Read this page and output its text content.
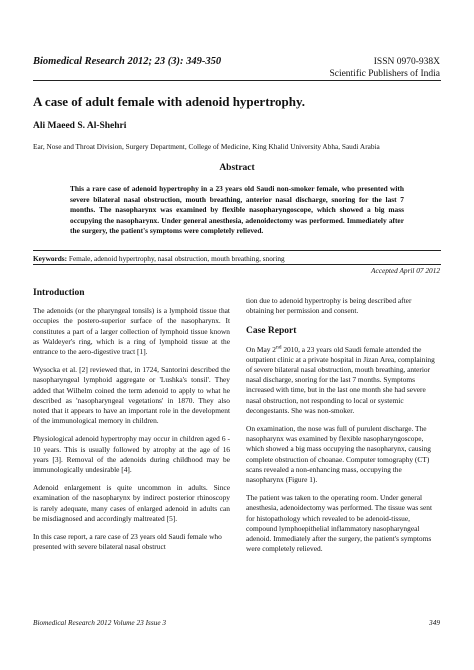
Biomedical Research 2012; 23 (3): 349-350	ISSN 0970-938X
Scientific Publishers of India
A case of adult female with adenoid hypertrophy.
Ali Maeed S. Al-Shehri
Ear, Nose and Throat Division, Surgery Department, College of Medicine, King Khalid University Abha, Saudi Arabia
Abstract
This a rare case of adenoid hypertrophy in a 23 years old Saudi non-smoker female, who presented with severe bilateral nasal obstruction, mouth breathing, anterior nasal discharge, snoring for the last 7 months. The nasopharynx was examined by flexible nasopharyngoscope, which showed a big mass occupying the nasopharynx. Under general anesthesia, adenoidectomy was performed. Immediately after the surgery, the patient's symptoms were completely relieved.
Keywords: Female, adenoid hypertrophy, nasal obstruction, mouth breathing, snoring
Accepted April 07 2012
Introduction

The adenoids (or the pharyngeal tonsils) is a lymphoid tissue that occupies the postero-superior surface of the nasopharynx. It constitutes a part of a larger collection of lymphoid tissue known as Waldeyer's ring, which is a ring of lymphoid tissue at the entrance to the aero-digestive tract [1].

Wysocka et al. [2] reviewed that, in 1724, Santorini described the nasopharyngeal lymphoid aggregate or 'Lushka's tonsil'. They added that Wilhelm coined the term adenoid to apply to what he described as 'nasopharyngeal vegetations' in 1870. They also noted that it appears to have an important role in the development of the immunological memory in children.

Physiological adenoid hypertrophy may occur in children aged 6 - 10 years. This is usually followed by atrophy at the age of 16 years [3]. Removal of the adenoids during childhood may be immunologically undesirable [4].

Adenoid enlargement is quite uncommon in adults. Since examination of the nasopharynx by indirect posterior rhinoscopy is rarely adequate, many cases of enlarged adenoid in adults can be misdiagnosed and accordingly maltreated [5].

In this case report, a rare case of 23 years old Saudi female who presented with severe bilateral nasal obstruct

tion due to adenoid hypertrophy is being described after obtaining her permission and consent.

Case Report

On May 2nd 2010, a 23 years old Saudi female attended the outpatient clinic at a private hospital in Jizan Area, complaining of severe bilateral nasal obstruction, mouth breathing, anterior nasal discharge, snoring for the last 7 months. Symptoms increased with time, but in the last one month she had severe nasal obstruction, not responding to local or systemic decongestants. She was non-smoker.

On examination, the nose was full of purulent discharge. The nasopharynx was examined by flexible nasopharyngoscope, which showed a big mass occupying the nasopharynx, causing complete obstruction of choanae. Computer tomography (CT) scans revealed a non-enhancing mass, occupying the nasopharynx (Figure 1).

The patient was taken to the operating room. Under general anesthesia, adenoidectomy was performed. The tissue was sent for histopathology which revealed to be adenoid-tissue, compound lymphoepithelial inflammatory nasopharyngeal adenoid. Immediately after the surgery, the patient's symptoms were completely relieved.

Biomedical Research 2012 Volume 23 Issue 3	349
